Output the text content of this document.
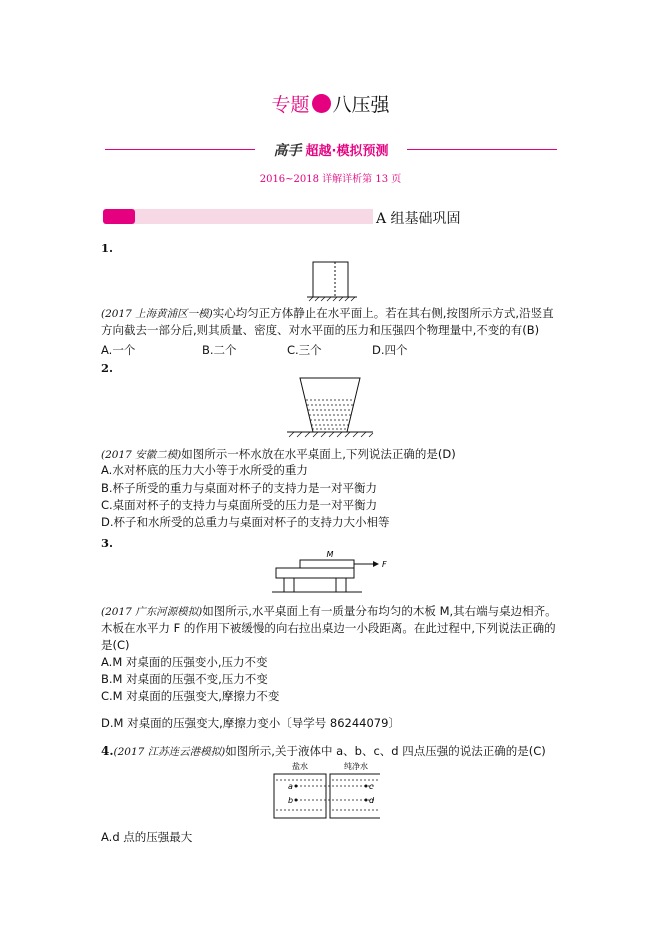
专题 八压强
高手 超越·模拟预测
2016~2018 详解详析第 13 页
A 组基础巩固
1.
(2017 上海黄浦区一模)实心均匀正方体静止在水平面上。若在其右侧,按图所示方式,沿竖直
方向截去一部分后,则其质量、密度、对水平面的压力和压强四个物理量中,不变的有(B)
A.一个	B.二个	C.三个	D.四个
2.
(2017 安徽二模)如图所示一杯水放在水平桌面上,下列说法正确的是(D)
A.水对杯底的压力大小等于水所受的重力
B.杯子所受的重力与桌面对杯子的支持力是一对平衡力
C.桌面对杯子的支持力与桌面所受的压力是一对平衡力
D.杯子和水所受的总重力与桌面对杯子的支持力大小相等
3.
M
F
(2017 广东河源模拟)如图所示,水平桌面上有一质量分布均匀的木板 M,其右端与桌边相齐。
木板在水平力 F 的作用下被缓慢的向右拉出桌边一小段距离。在此过程中,下列说法正确的
是(C)
A.M 对桌面的压强变小,压力不变
B.M 对桌面的压强不变,压力不变
C.M 对桌面的压强变大,摩擦力不变
D.M 对桌面的压强变大,摩擦力变小〔导学号 86244079〕
4.(2017 江苏连云港模拟)如图所示,关于液体中 a、b、c、d 四点压强的说法正确的是(C)
盐水	纯净水
a
b
c
d
A.d 点的压强最大
